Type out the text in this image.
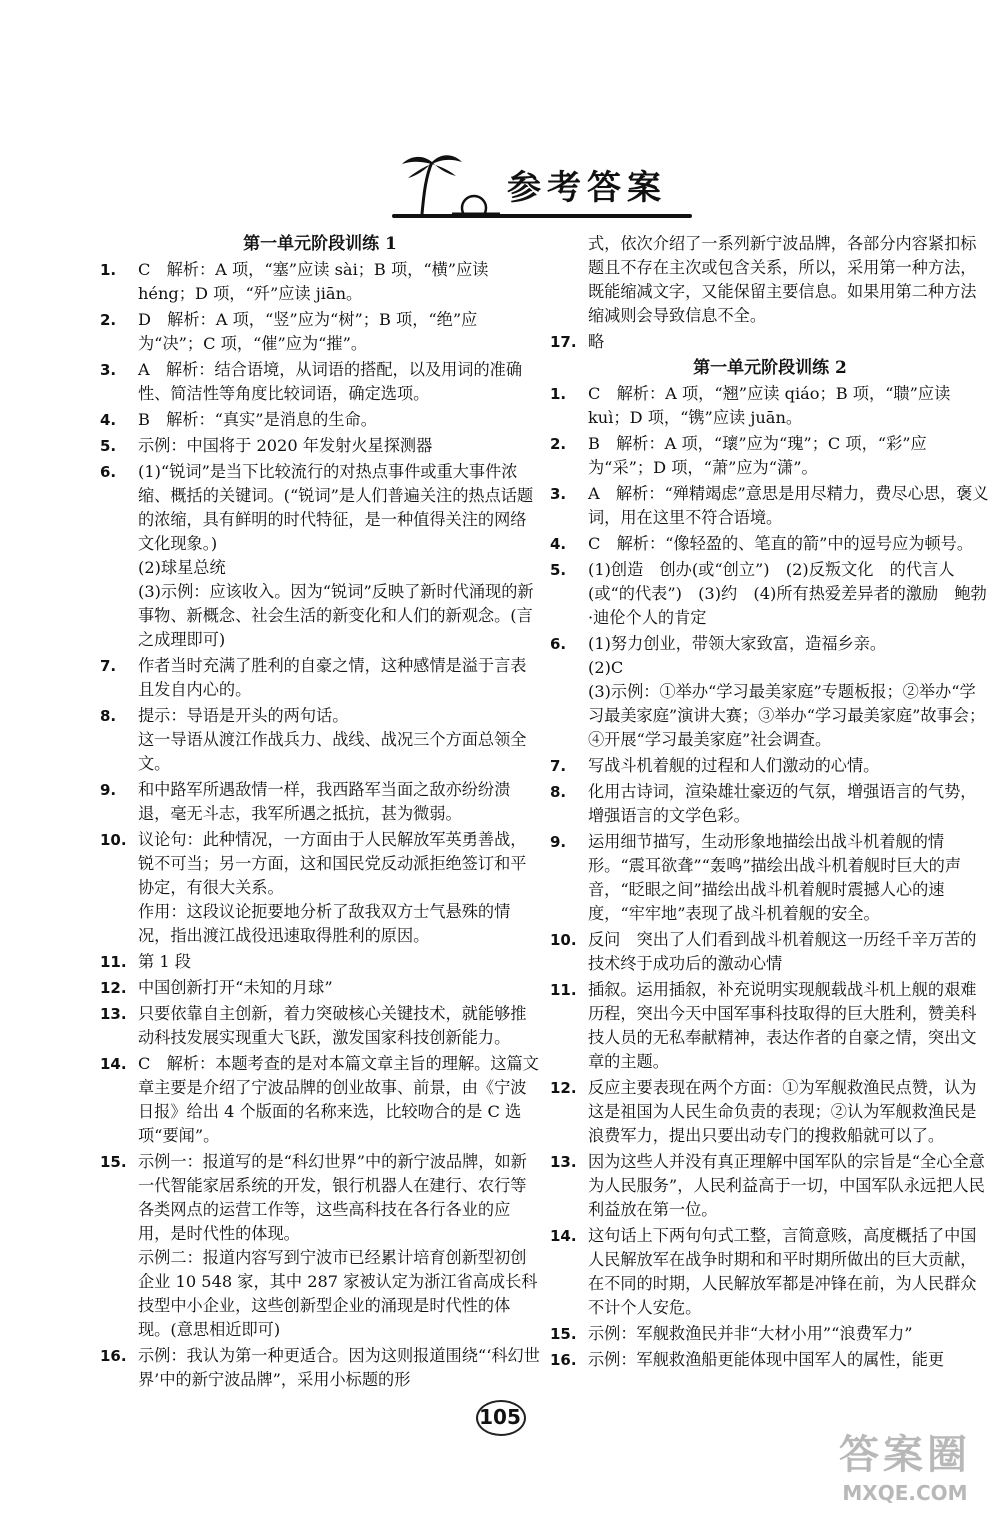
参考答案
第一单元阶段训练 1
1. C　解析：A 项，“塞”应读 sài；B 项，“横”应读 héng；D 项，“歼”应读 jiān。

2. D　解析：A 项，“竖”应为“树”；B 项，“绝”应为“决”；C 项，“催”应为“摧”。

3. A　解析：结合语境，从词语的搭配，以及用词的准确性、简洁性等角度比较词语，确定选项。

4. B　解析：“真实”是消息的生命。

5. 示例：中国将于 2020 年发射火星探测器

6. (1)“锐词”是当下比较流行的对热点事件或重大事件浓缩、概括的关键词。(“锐词”是人们普遍关注的热点话题的浓缩，具有鲜明的时代特征，是一种值得关注的网络文化现象。)

(2)球星总统

(3)示例：应该收入。因为“锐词”反映了新时代涌现的新事物、新概念、社会生活的新变化和人们的新观念。(言之成理即可)

7. 作者当时充满了胜利的自豪之情，这种感情是溢于言表且发自内心的。

8. 提示：导语是开头的两句话。

这一导语从渡江作战兵力、战线、战况三个方面总领全文。

9. 和中路军所遇敌情一样，我西路军当面之敌亦纷纷溃退，毫无斗志，我军所遇之抵抗，甚为微弱。

10. 议论句：此种情况，一方面由于人民解放军英勇善战，锐不可当；另一方面，这和国民党反动派拒绝签订和平协定，有很大关系。

作用：这段议论扼要地分析了敌我双方士气悬殊的情况，指出渡江战役迅速取得胜利的原因。

11. 第 1 段

12. 中国创新打开“未知的月球”

13. 只要依靠自主创新，着力突破核心关键技术，就能够推动科技发展实现重大飞跃，激发国家科技创新能力。

14. C　解析：本题考查的是对本篇文章主旨的理解。这篇文章主要是介绍了宁波品牌的创业故事、前景，由《宁波日报》给出 4 个版面的名称来选，比较吻合的是 C 选项“要闻”。

15. 示例一：报道写的是“科幻世界”中的新宁波品牌，如新一代智能家居系统的开发，银行机器人在建行、农行等各类网点的运营工作等，这些高科技在各行各业的应用，是时代性的体现。

示例二：报道内容写到宁波市已经累计培育创新型初创企业 10 548 家，其中 287 家被认定为浙江省高成长科技型中小企业，这些创新型企业的涌现是时代性的体现。(意思相近即可)

16. 示例：我认为第一种更适合。因为这则报道围绕“‘科幻世界’中的新宁波品牌”，采用小标题的形

式，依次介绍了一系列新宁波品牌，各部分内容紧扣标题且不存在主次或包含关系，所以，采用第一种方法，既能缩减文字，又能保留主要信息。如果用第二种方法缩减则会导致信息不全。

17. 略

第一单元阶段训练 2
1. C　解析：A 项，“翘”应读 qiáo；B 项，“聩”应读 kuì；D 项，“镌”应读 juān。

2. B　解析：A 项，“瓌”应为“瑰”；C 项，“彩”应为“采”；D 项，“萧”应为“潇”。

3. A　解析：“殚精竭虑”意思是用尽精力，费尽心思，褒义词，用在这里不符合语境。

4. C　解析：“像轻盈的、笔直的箭”中的逗号应为顿号。

5. (1)创造　创办(或“创立”)　(2)反叛文化　的代言人(或“的代表”)　(3)约　(4)所有热爱差异者的激励　鲍勃·迪伦个人的肯定

6. (1)努力创业，带领大家致富，造福乡亲。

(2)C

(3)示例：①举办“学习最美家庭”专题板报；②举办“学习最美家庭”演讲大赛；③举办“学习最美家庭”故事会；④开展“学习最美家庭”社会调查。

7. 写战斗机着舰的过程和人们激动的心情。

8. 化用古诗词，渲染雄壮豪迈的气氛，增强语言的气势，增强语言的文学色彩。

9. 运用细节描写，生动形象地描绘出战斗机着舰的情形。“震耳欲聋”“轰鸣”描绘出战斗机着舰时巨大的声音，“眨眼之间”描绘出战斗机着舰时震撼人心的速度，“牢牢地”表现了战斗机着舰的安全。

10. 反问　突出了人们看到战斗机着舰这一历经千辛万苦的技术终于成功后的激动心情

11. 插叙。运用插叙，补充说明实现舰载战斗机上舰的艰难历程，突出今天中国军事科技取得的巨大胜利，赞美科技人员的无私奉献精神，表达作者的自豪之情，突出文章的主题。

12. 反应主要表现在两个方面：①为军舰救渔民点赞，认为这是祖国为人民生命负责的表现；②认为军舰救渔民是浪费军力，提出只要出动专门的搜救船就可以了。

13. 因为这些人并没有真正理解中国军队的宗旨是“全心全意为人民服务”，人民利益高于一切，中国军队永远把人民利益放在第一位。

14. 这句话上下两句句式工整，言简意赅，高度概括了中国人民解放军在战争时期和和平时期所做出的巨大贡献，在不同的时期，人民解放军都是冲锋在前，为人民群众不计个人安危。

15. 示例：军舰救渔民并非“大材小用”“浪费军力”

16. 示例：军舰救渔船更能体现中国军人的属性，能更

105
答案圈
MXQE.COM
